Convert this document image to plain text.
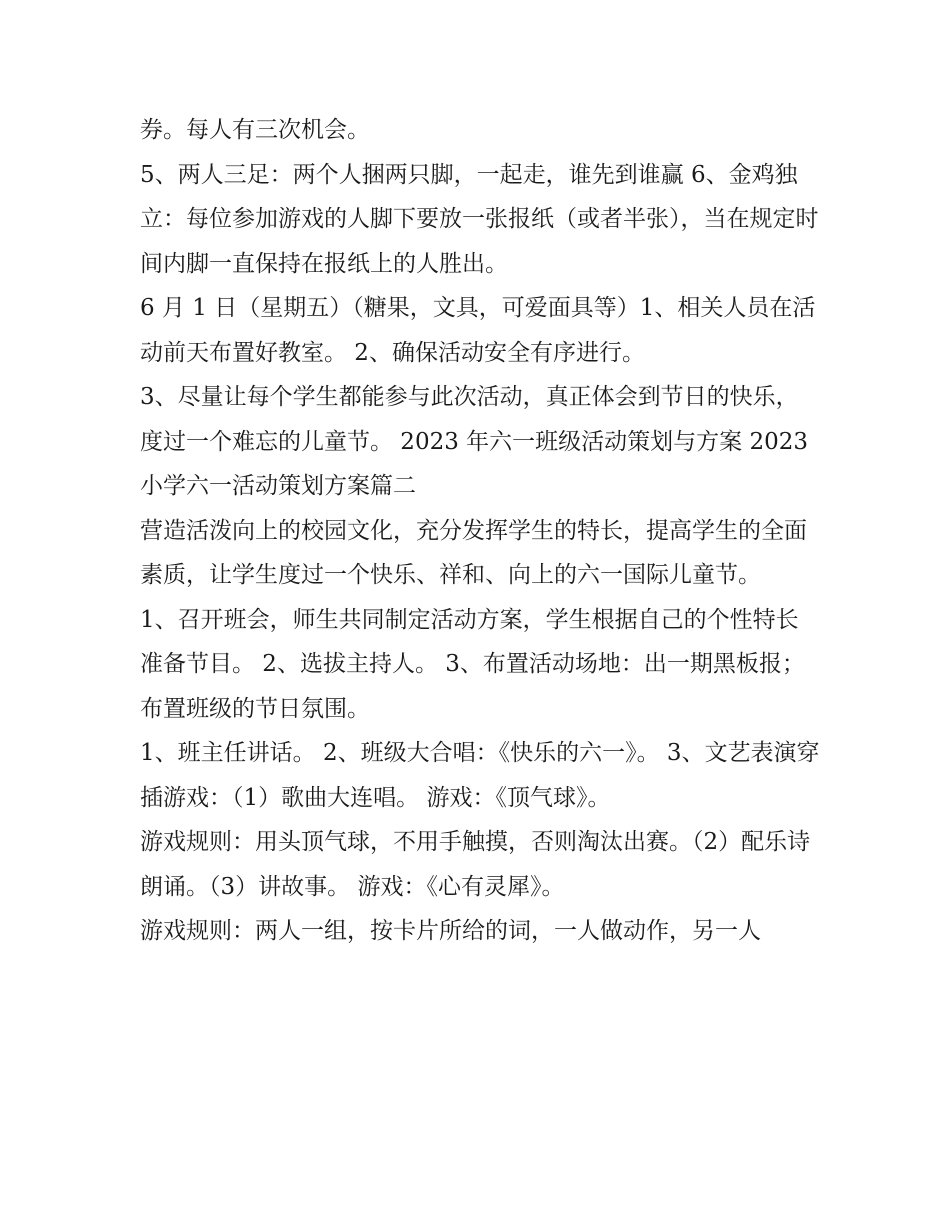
券。每人有三次机会。

5、两人三足：两个人捆两只脚，一起走，谁先到谁赢 6、金鸡独立：每位参加游戏的人脚下要放一张报纸（或者半张），当在规定时间内脚一直保持在报纸上的人胜出。

6 月 1 日（星期五）（糖果，文具，可爱面具等）1、相关人员在活动前天布置好教室。 2、确保活动安全有序进行。

3、尽量让每个学生都能参与此次活动，真正体会到节日的快乐，度过一个难忘的儿童节。 2023 年六一班级活动策划与方案 2023 小学六一活动策划方案篇二

营造活泼向上的校园文化，充分发挥学生的特长，提高学生的全面素质，让学生度过一个快乐、祥和、向上的六一国际儿童节。

1、召开班会，师生共同制定活动方案，学生根据自己的个性特长准备节目。 2、选拔主持人。 3、布置活动场地：出一期黑板报；布置班级的节日氛围。

1、班主任讲话。 2、班级大合唱：《快乐的六一》。 3、文艺表演穿插游戏：（1）歌曲大连唱。 游戏：《顶气球》。

游戏规则：用头顶气球，不用手触摸，否则淘汰出赛。（2）配乐诗朗诵。（3）讲故事。 游戏：《心有灵犀》。

游戏规则：两人一组，按卡片所给的词，一人做动作，另一人
